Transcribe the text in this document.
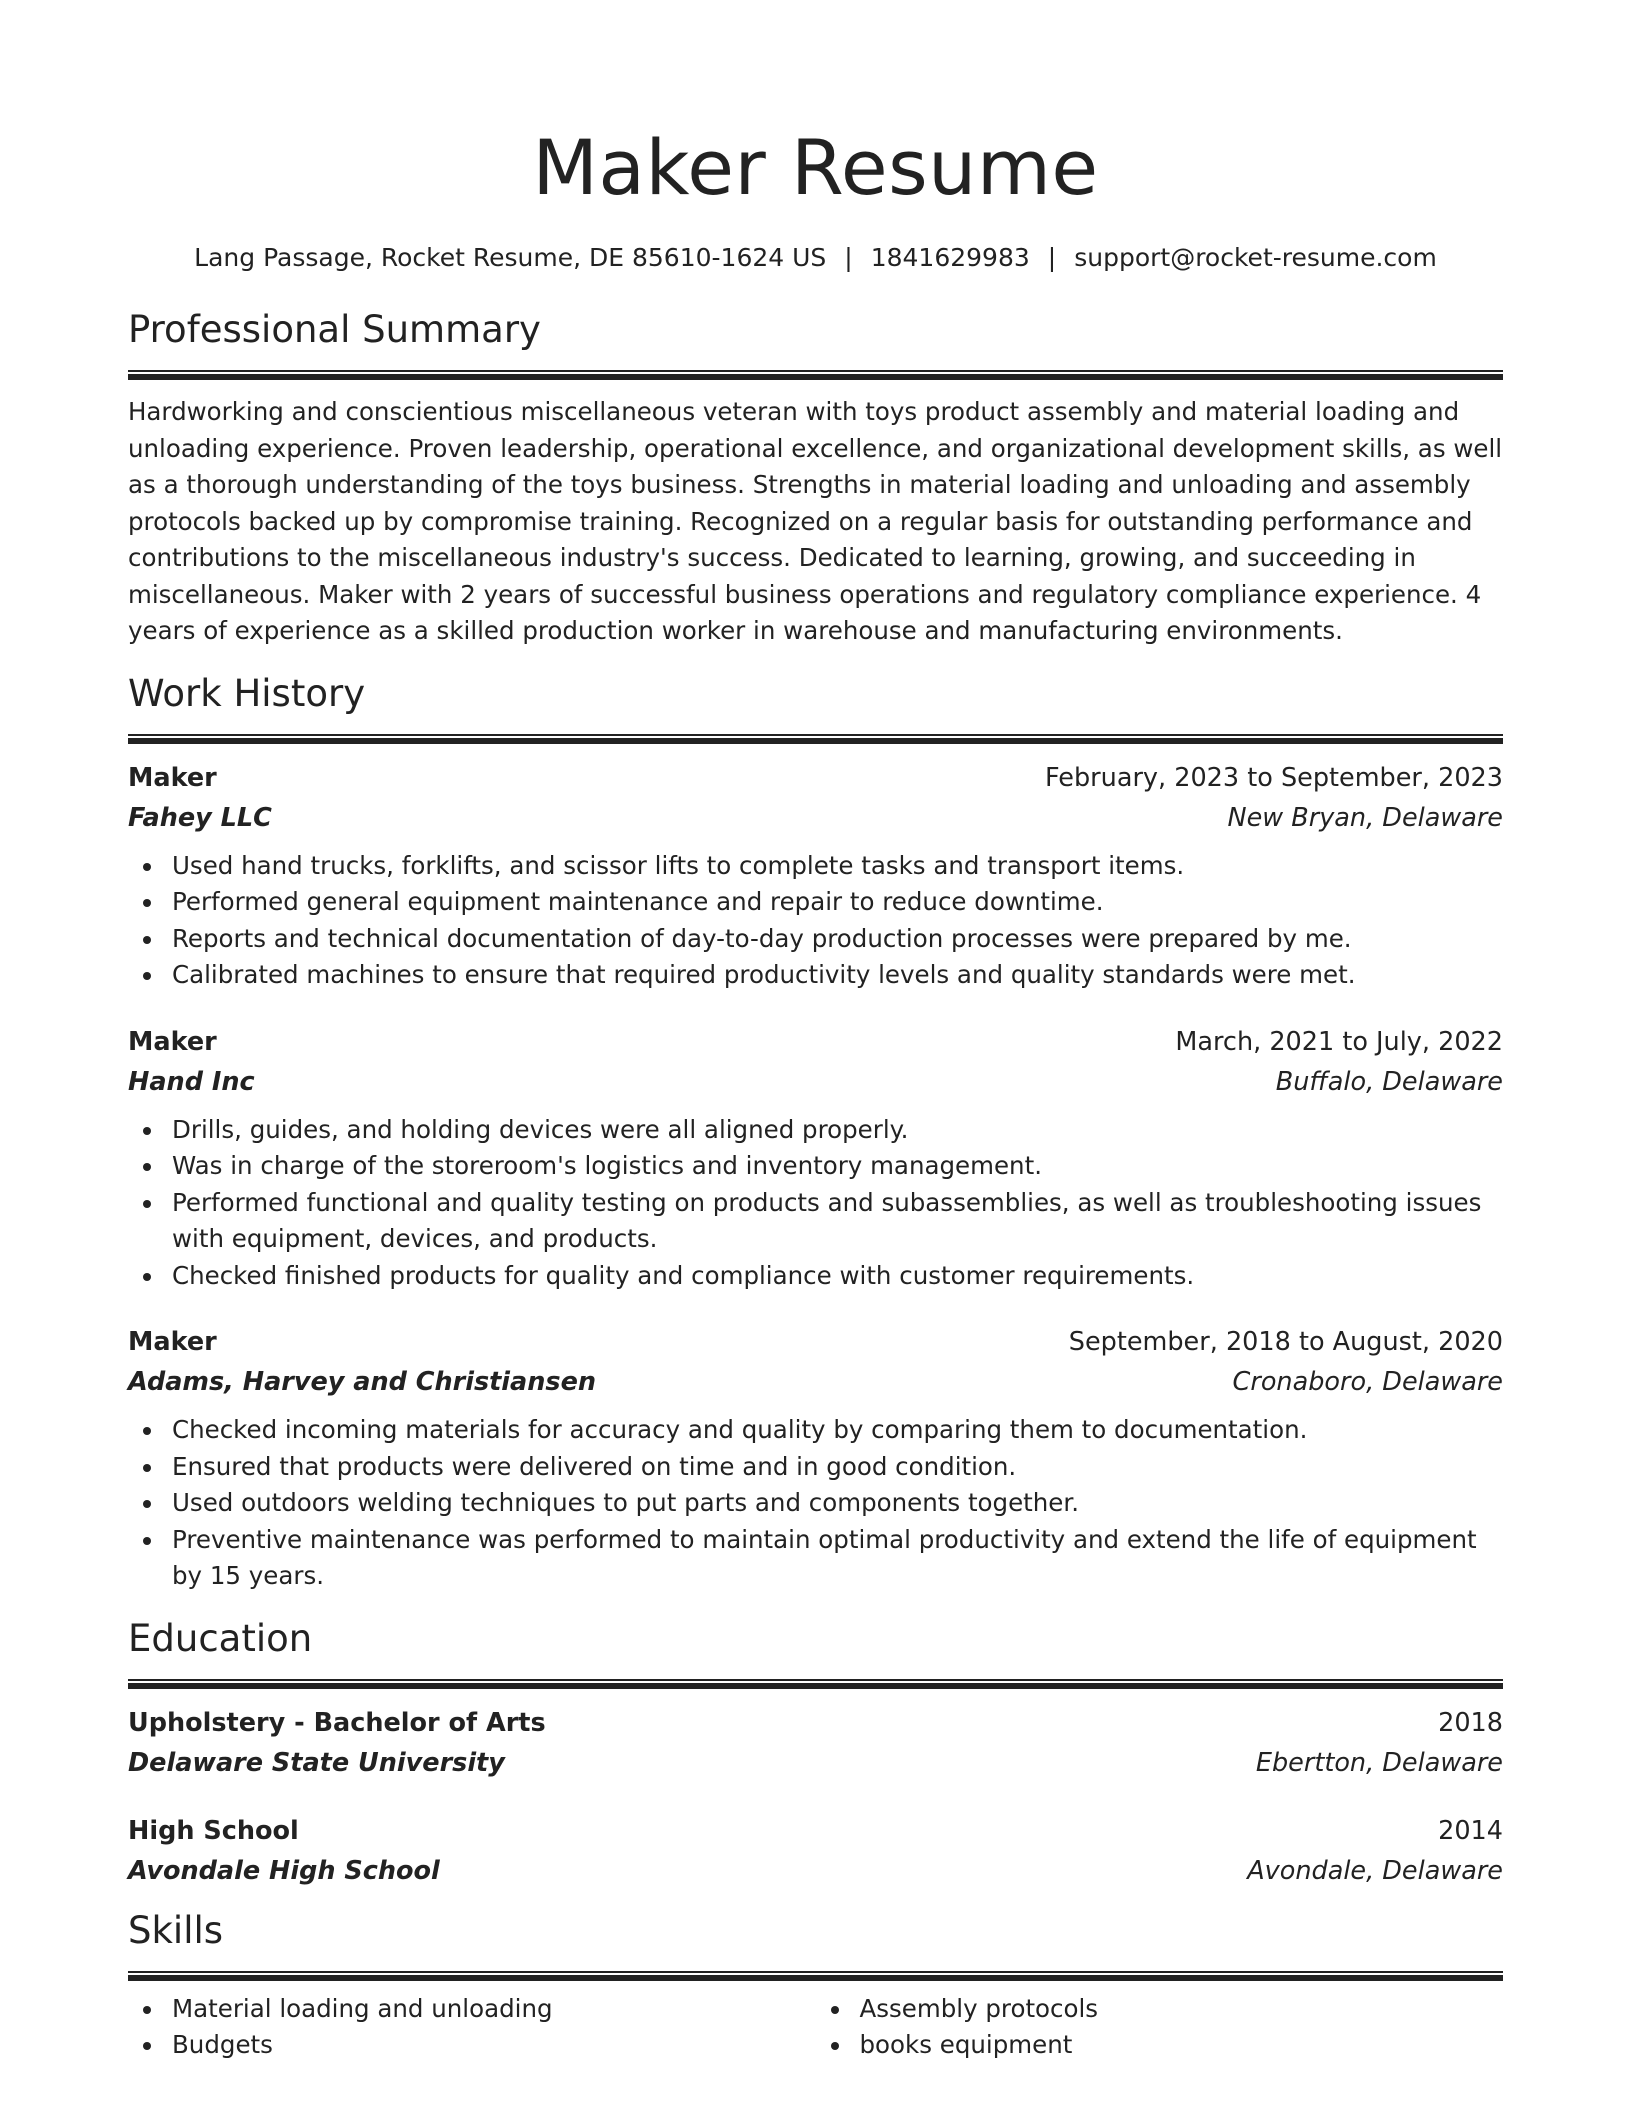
Maker Resume
Lang Passage, Rocket Resume, DE 85610-1624 US | 1841629983 | support@rocket-resume.com
Professional Summary
Hardworking and conscientious miscellaneous veteran with toys product assembly and material loading and unloading experience. Proven leadership, operational excellence, and organizational development skills, as well as a thorough understanding of the toys business. Strengths in material loading and unloading and assembly protocols backed up by compromise training. Recognized on a regular basis for outstanding performance and contributions to the miscellaneous industry's success. Dedicated to learning, growing, and succeeding in miscellaneous. Maker with 2 years of successful business operations and regulatory compliance experience. 4 years of experience as a skilled production worker in warehouse and manufacturing environments.
Work History
Maker	February, 2023 to September, 2023
Fahey LLC	New Bryan, Delaware
Used hand trucks, forklifts, and scissor lifts to complete tasks and transport items.
Performed general equipment maintenance and repair to reduce downtime.
Reports and technical documentation of day-to-day production processes were prepared by me.
Calibrated machines to ensure that required productivity levels and quality standards were met.
Maker	March, 2021 to July, 2022
Hand Inc	Buffalo, Delaware
Drills, guides, and holding devices were all aligned properly.
Was in charge of the storeroom's logistics and inventory management.
Performed functional and quality testing on products and subassemblies, as well as troubleshooting issues with equipment, devices, and products.
Checked finished products for quality and compliance with customer requirements.
Maker	September, 2018 to August, 2020
Adams, Harvey and Christiansen	Cronaboro, Delaware
Checked incoming materials for accuracy and quality by comparing them to documentation.
Ensured that products were delivered on time and in good condition.
Used outdoors welding techniques to put parts and components together.
Preventive maintenance was performed to maintain optimal productivity and extend the life of equipment by 15 years.
Education
Upholstery - Bachelor of Arts	2018
Delaware State University	Ebertton, Delaware
High School	2014
Avondale High School	Avondale, Delaware
Skills
Material loading and unloading
Budgets
Assembly protocols
books equipment
